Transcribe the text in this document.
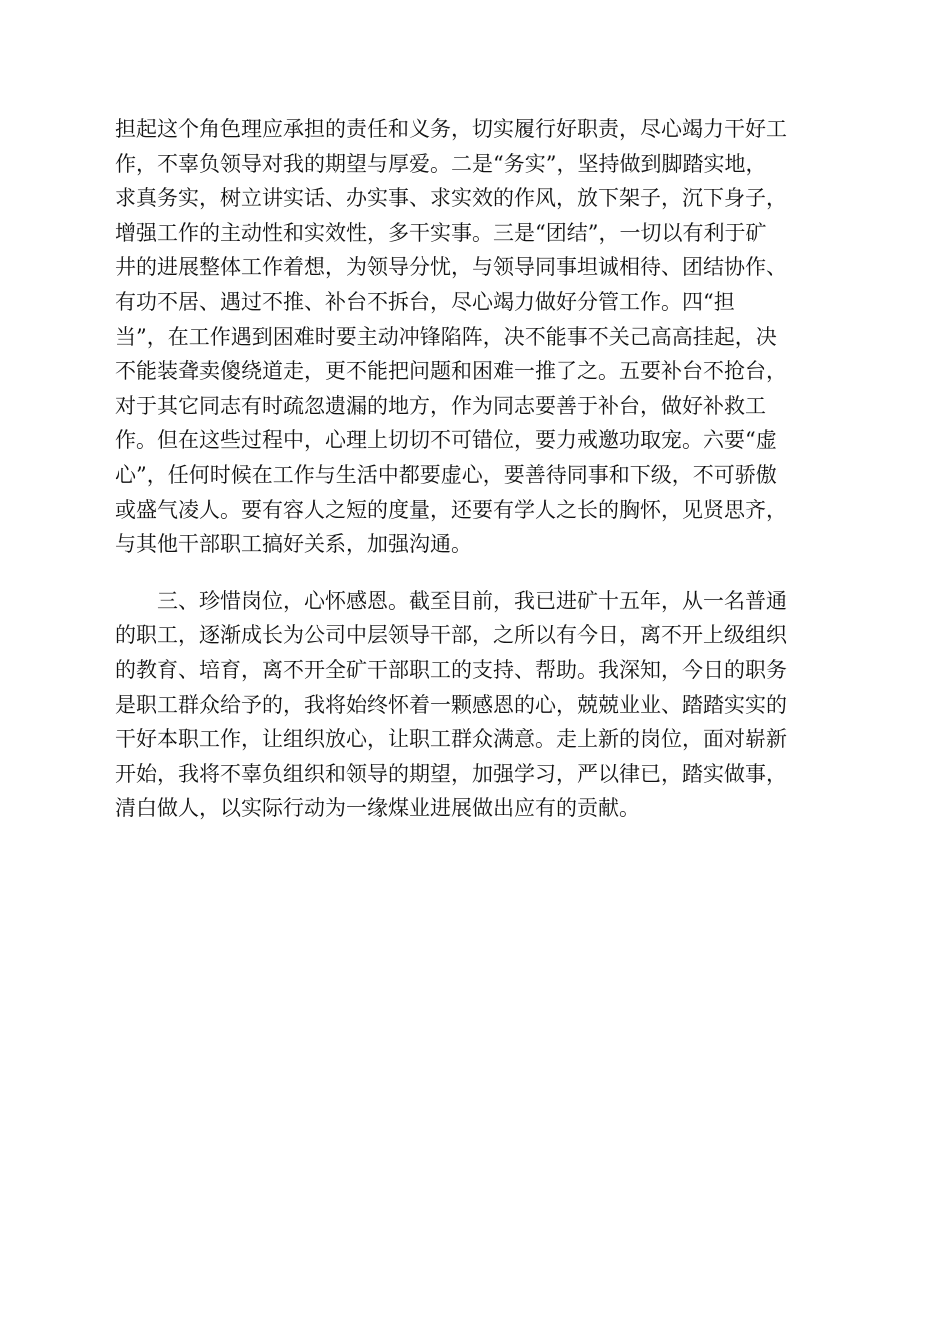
担起这个角色理应承担的责任和义务，切实履行好职责，尽心竭力干好工
作，不辜负领导对我的期望与厚爱。二是“务实”，坚持做到脚踏实地，
求真务实，树立讲实话、办实事、求实效的作风，放下架子，沉下身子，
增强工作的主动性和实效性，多干实事。三是“团结”，一切以有利于矿
井的进展整体工作着想，为领导分忧，与领导同事坦诚相待、团结协作、
有功不居、遇过不推、补台不拆台，尽心竭力做好分管工作。四“担
当”，在工作遇到困难时要主动冲锋陷阵，决不能事不关己高高挂起，决
不能装聋卖傻绕道走，更不能把问题和困难一推了之。五要补台不抢台，
对于其它同志有时疏忽遗漏的地方，作为同志要善于补台，做好补救工
作。但在这些过程中，心理上切切不可错位，要力戒邀功取宠。六要“虚
心”，任何时候在工作与生活中都要虚心，要善待同事和下级，不可骄傲
或盛气凌人。要有容人之短的度量，还要有学人之长的胸怀，见贤思齐，
与其他干部职工搞好关系，加强沟通。
　　三、珍惜岗位，心怀感恩。截至目前，我已进矿十五年，从一名普通
的职工，逐渐成长为公司中层领导干部，之所以有今日，离不开上级组织
的教育、培育，离不开全矿干部职工的支持、帮助。我深知，今日的职务
是职工群众给予的，我将始终怀着一颗感恩的心，兢兢业业、踏踏实实的
干好本职工作，让组织放心，让职工群众满意。走上新的岗位，面对崭新
开始，我将不辜负组织和领导的期望，加强学习，严以律已，踏实做事，
清白做人，以实际行动为一缘煤业进展做出应有的贡献。
